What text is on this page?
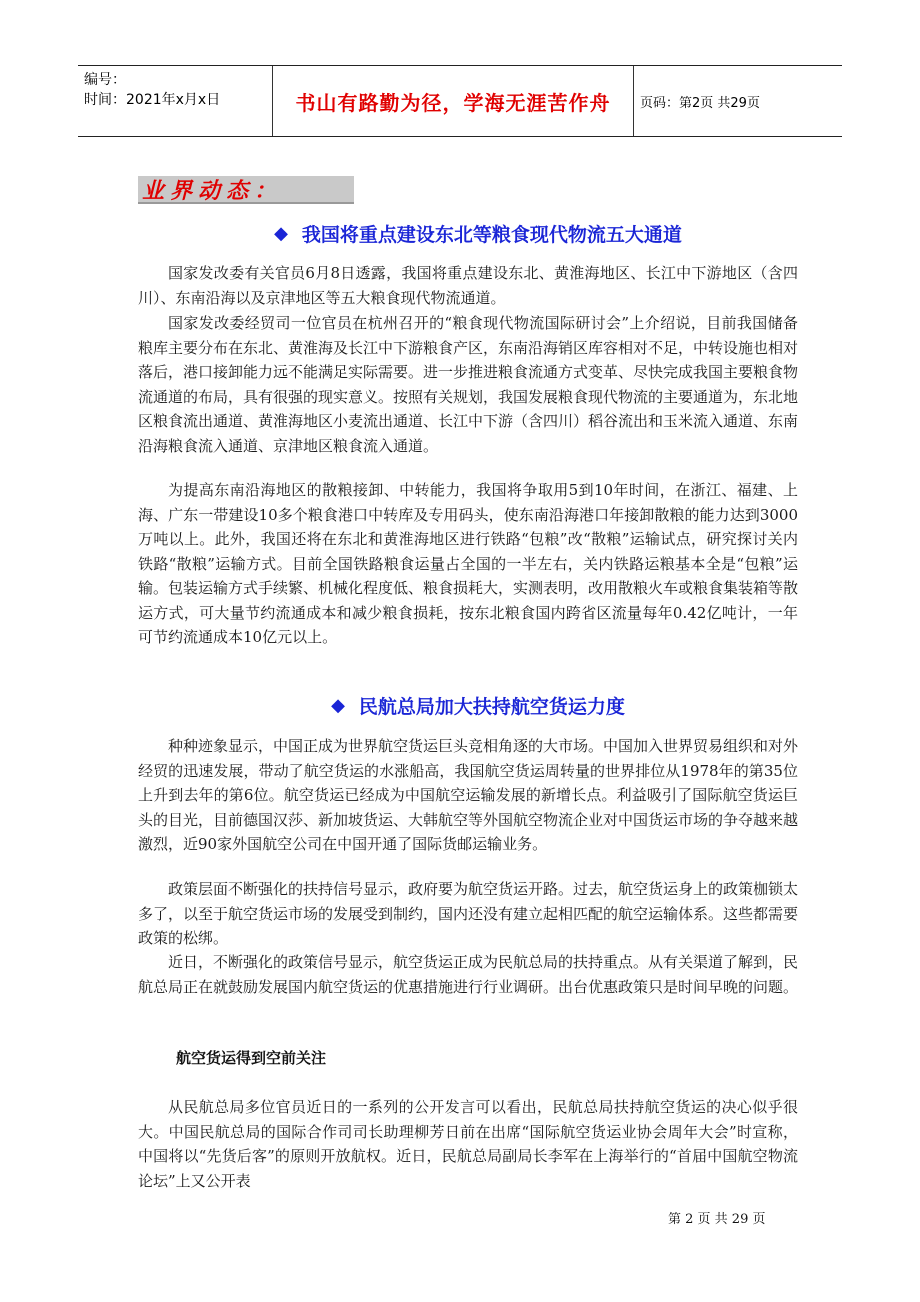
编号：
时间：2021年x月x日	书山有路勤为径，学海无涯苦作舟	页码：第2页 共29页
业界动态：
◆ 我国将重点建设东北等粮食现代物流五大通道
国家发改委有关官员6月8日透露，我国将重点建设东北、黄淮海地区、长江中下游地区（含四川）、东南沿海以及京津地区等五大粮食现代物流通道。
国家发改委经贸司一位官员在杭州召开的“粮食现代物流国际研讨会”上介绍说，目前我国储备粮库主要分布在东北、黄淮海及长江中下游粮食产区，东南沿海销区库容相对不足，中转设施也相对落后，港口接卸能力远不能满足实际需要。进一步推进粮食流通方式变革、尽快完成我国主要粮食物流通道的布局，具有很强的现实意义。按照有关规划，我国发展粮食现代物流的主要通道为，东北地区粮食流出通道、黄淮海地区小麦流出通道、长江中下游（含四川）稻谷流出和玉米流入通道、东南沿海粮食流入通道、京津地区粮食流入通道。
为提高东南沿海地区的散粮接卸、中转能力，我国将争取用5到10年时间，在浙江、福建、上海、广东一带建设10多个粮食港口中转库及专用码头，使东南沿海港口年接卸散粮的能力达到3000万吨以上。此外，我国还将在东北和黄淮海地区进行铁路“包粮”改“散粮”运输试点，研究探讨关内铁路“散粮”运输方式。目前全国铁路粮食运量占全国的一半左右，关内铁路运粮基本全是“包粮”运输。包装运输方式手续繁、机械化程度低、粮食损耗大，实测表明，改用散粮火车或粮食集装箱等散运方式，可大量节约流通成本和减少粮食损耗，按东北粮食国内跨省区流量每年0.42亿吨计，一年可节约流通成本10亿元以上。
◆ 民航总局加大扶持航空货运力度
种种迹象显示，中国正成为世界航空货运巨头竞相角逐的大市场。中国加入世界贸易组织和对外经贸的迅速发展，带动了航空货运的水涨船高，我国航空货运周转量的世界排位从1978年的第35位上升到去年的第6位。航空货运已经成为中国航空运输发展的新增长点。利益吸引了国际航空货运巨头的目光，目前德国汉莎、新加坡货运、大韩航空等外国航空物流企业对中国货运市场的争夺越来越激烈，近90家外国航空公司在中国开通了国际货邮运输业务。
政策层面不断强化的扶持信号显示，政府要为航空货运开路。过去，航空货运身上的政策枷锁太多了，以至于航空货运市场的发展受到制约，国内还没有建立起相匹配的航空运输体系。这些都需要政策的松绑。
近日，不断强化的政策信号显示，航空货运正成为民航总局的扶持重点。从有关渠道了解到，民航总局正在就鼓励发展国内航空货运的优惠措施进行行业调研。出台优惠政策只是时间早晚的问题。
航空货运得到空前关注
从民航总局多位官员近日的一系列的公开发言可以看出，民航总局扶持航空货运的决心似乎很大。中国民航总局的国际合作司司长助理柳芳日前在出席“国际航空货运业协会周年大会”时宣称，中国将以“先货后客”的原则开放航权。近日，民航总局副局长李军在上海举行的“首届中国航空物流论坛”上又公开表
第 2 页 共 29 页
